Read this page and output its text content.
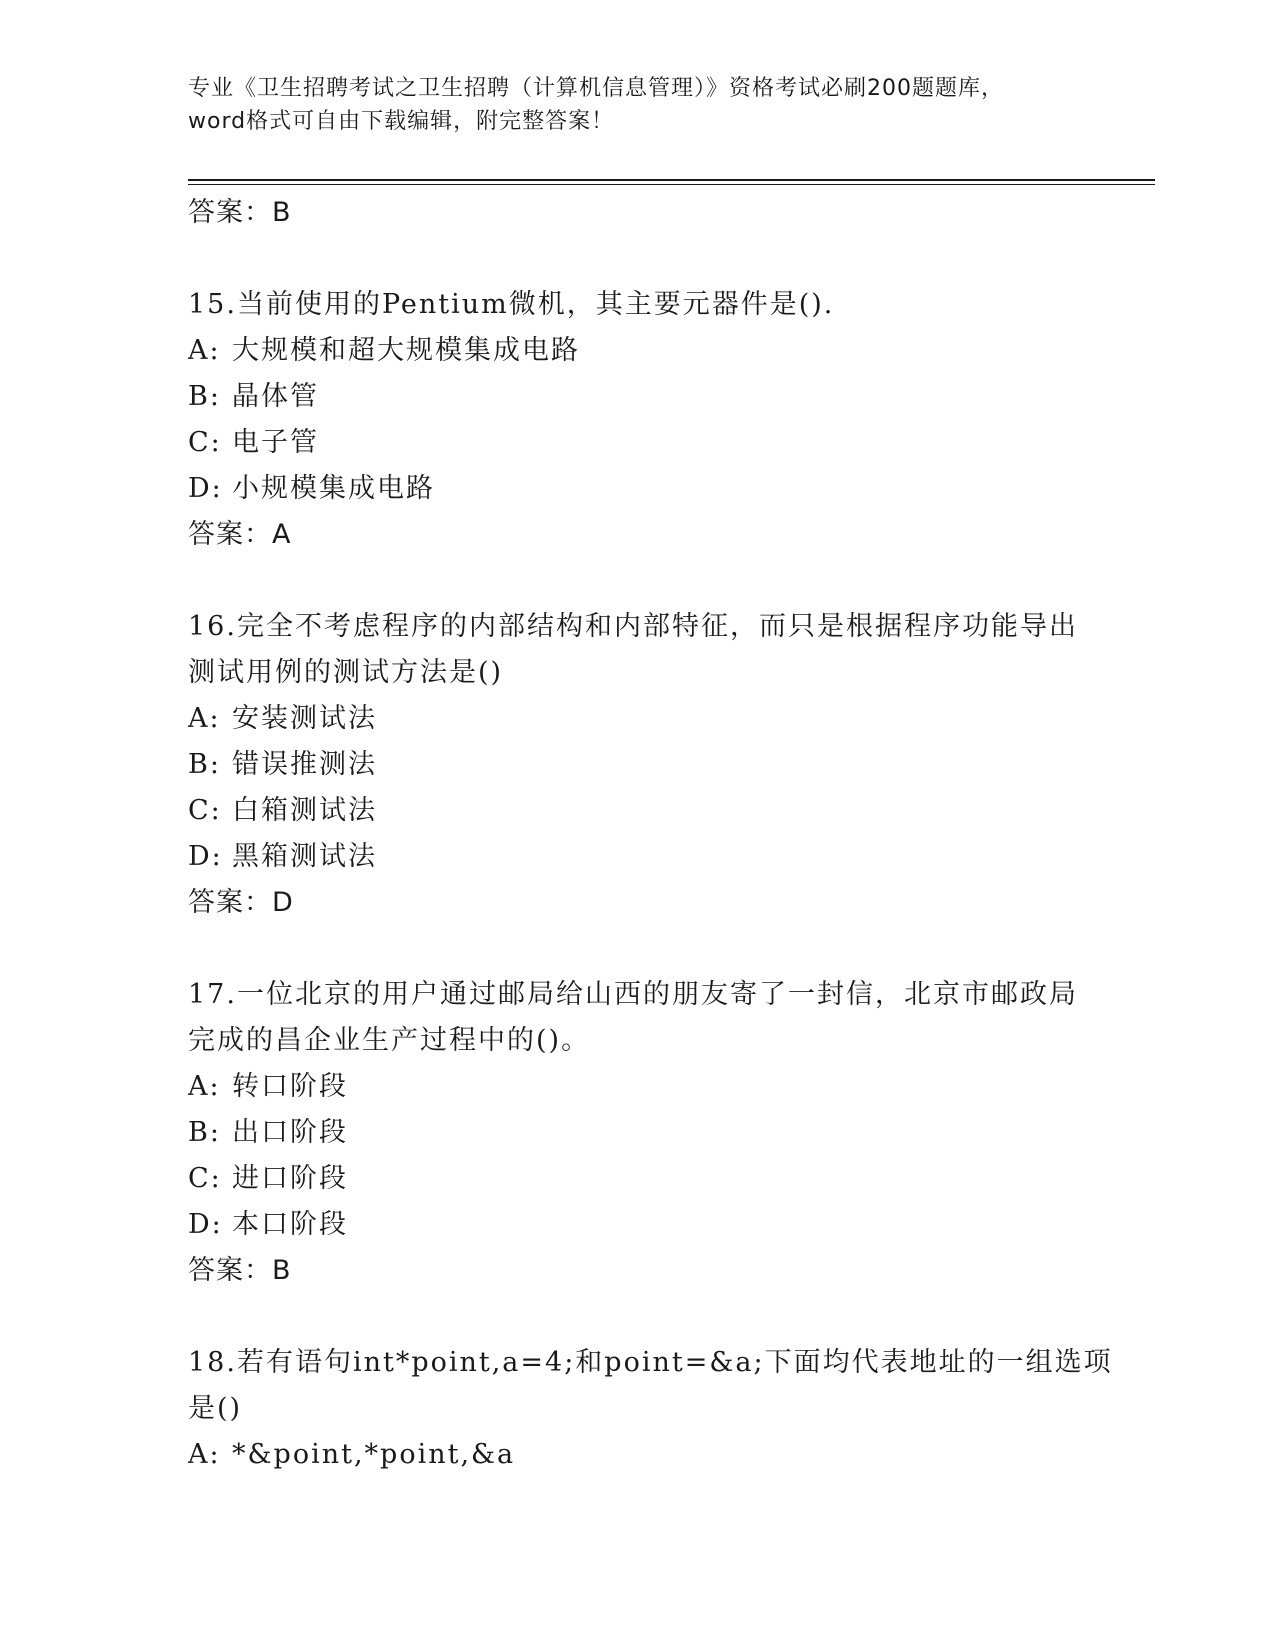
专业《卫生招聘考试之卫生招聘（计算机信息管理）》资格考试必刷200题题库，
word格式可自由下载编辑，附完整答案！
答案：B
15.当前使用的Pentium微机，其主要元器件是().
A: 大规模和超大规模集成电路
B: 晶体管
C: 电子管
D: 小规模集成电路
答案：A
16.完全不考虑程序的内部结构和内部特征，而只是根据程序功能导出
测试用例的测试方法是()
A: 安装测试法
B: 错误推测法
C: 白箱测试法
D: 黑箱测试法
答案：D
17.一位北京的用户通过邮局给山西的朋友寄了一封信，北京市邮政局
完成的昌企业生产过程中的()。
A: 转口阶段
B: 出口阶段
C: 进口阶段
D: 本口阶段
答案：B
18.若有语句int*point,a=4;和point=&a;下面均代表地址的一组选项
是()
A: *&point,*point,&a
